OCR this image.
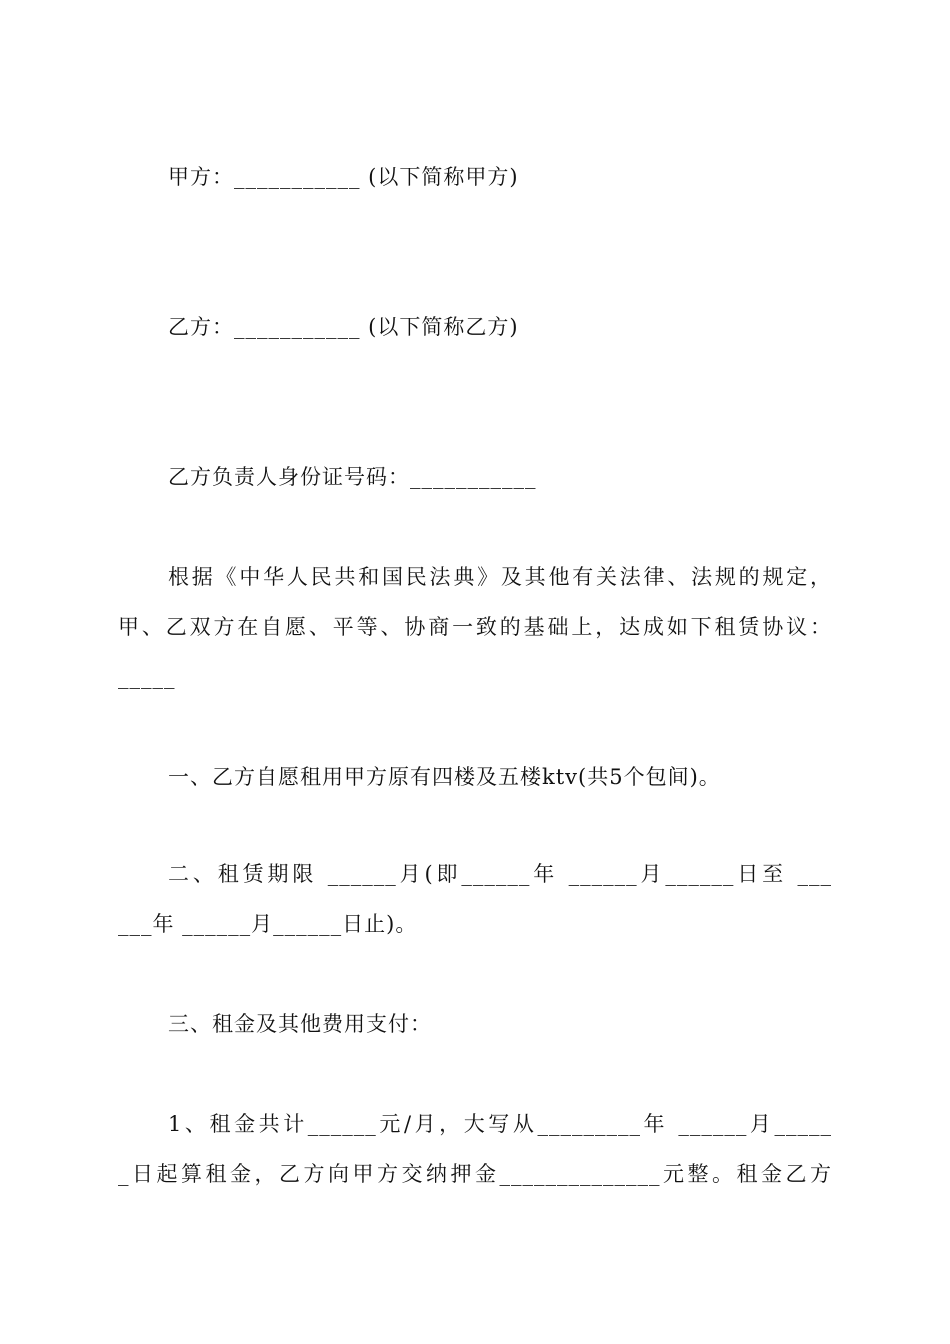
甲方：___________ (以下简称甲方)
乙方：___________ (以下简称乙方)
乙方负责人身份证号码：___________
根据《中华人民共和国民法典》及其他有关法律、法规的规定，
甲、乙双方在自愿、平等、协商一致的基础上，达成如下租赁协议：
_____
一、乙方自愿租用甲方原有四楼及五楼ktv(共5个包间)。
二、租赁期限 ______月(即______年 ______月______日至 ___
___年 ______月______日止)。
三、租金及其他费用支付：
1、租金共计______元/月，大写从_________年 ______月_____
_日起算租金，乙方向甲方交纳押金______________元整。租金乙方
